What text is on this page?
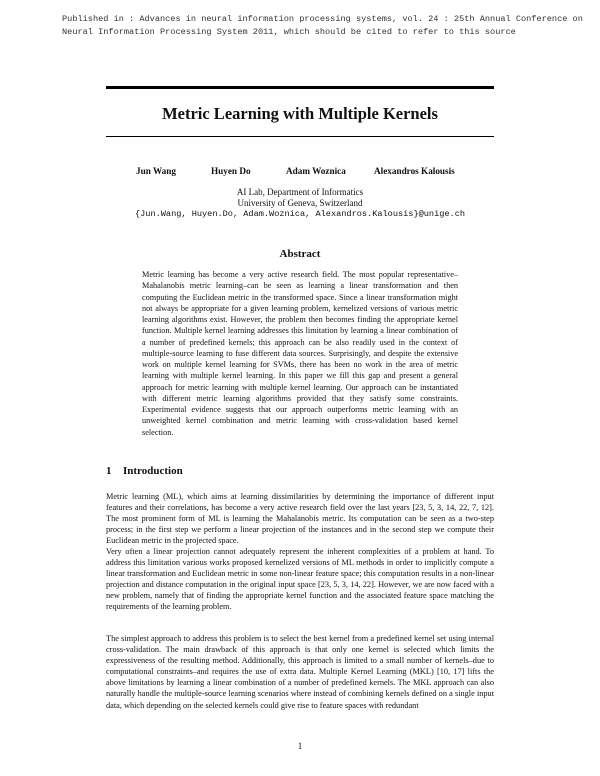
Published in : Advances in neural information processing systems, vol. 24 : 25th Annual Conference on
Neural Information Processing System 2011, which should be cited to refer to this source
Metric Learning with Multiple Kernels
Jun Wang	Huyen Do	Adam Woznica	Alexandros Kalousis
AI Lab, Department of Informatics
University of Geneva, Switzerland
{Jun.Wang, Huyen.Do, Adam.Woznica, Alexandros.Kalousis}@unige.ch
Abstract

Metric learning has become a very active research field. The most popular representative–Mahalanobis metric learning–can be seen as learning a linear transformation and then computing the Euclidean metric in the transformed space. Since a linear transformation might not always be appropriate for a given learning problem, kernelized versions of various metric learning algorithms exist. However, the problem then becomes finding the appropriate kernel function. Multiple kernel learning addresses this limitation by learning a linear combination of a number of predefined kernels; this approach can be also readily used in the context of multiple-source learning to fuse different data sources. Surprisingly, and despite the extensive work on multiple kernel learning for SVMs, there has been no work in the area of metric learning with multiple kernel learning. In this paper we fill this gap and present a general approach for metric learning with multiple kernel learning. Our approach can be instantiated with different metric learning algorithms provided that they satisfy some constraints. Experimental evidence suggests that our approach outperforms metric learning with an unweighted kernel combination and metric learning with cross-validation based kernel selection.

1 Introduction

Metric learning (ML), which aims at learning dissimilarities by determining the importance of different input features and their correlations, has become a very active research field over the last years [23, 5, 3, 14, 22, 7, 12]. The most prominent form of ML is learning the Mahalanobis metric. Its computation can be seen as a two-step process; in the first step we perform a linear projection of the instances and in the second step we compute their Euclidean metric in the projected space.

Very often a linear projection cannot adequately represent the inherent complexities of a problem at hand. To address this limitation various works proposed kernelized versions of ML methods in order to implicitly compute a linear transformation and Euclidean metric in some non-linear feature space; this computation results in a non-linear projection and distance computation in the original input space [23, 5, 3, 14, 22]. However, we are now faced with a new problem, namely that of finding the appropriate kernel function and the associated feature space matching the requirements of the learning problem.

The simplest approach to address this problem is to select the best kernel from a predefined kernel set using internal cross-validation. The main drawback of this approach is that only one kernel is selected which limits the expressiveness of the resulting method. Additionally, this approach is limited to a small number of kernels–due to computational constraints–and requires the use of extra data. Multiple Kernel Learning (MKL) [10, 17] lifts the above limitations by learning a linear combination of a number of predefined kernels. The MKL approach can also naturally handle the multiple-source learning scenarios where instead of combining kernels defined on a single input data, which depending on the selected kernels could give rise to feature spaces with redundant

1
